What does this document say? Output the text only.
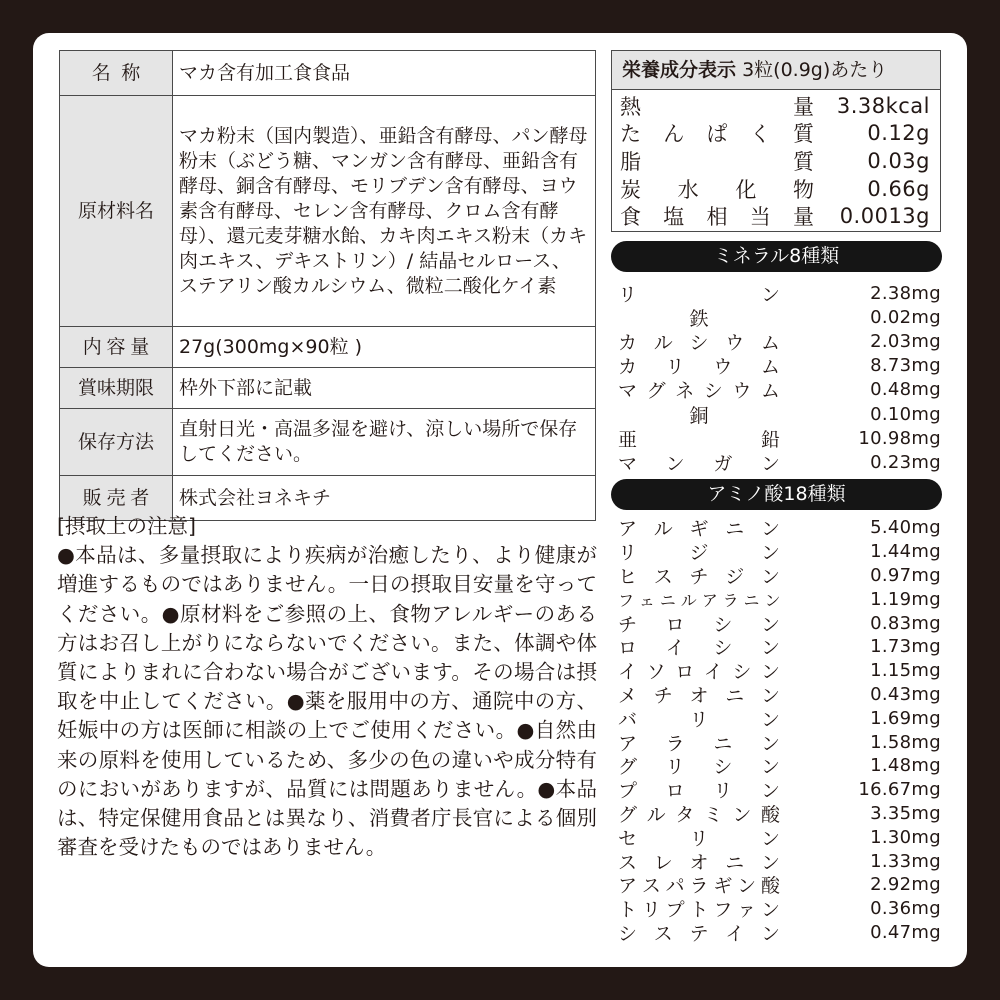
名称	マカ含有加工食食品
原材料名	マカ粉末（国内製造）、亜鉛含有酵母、パン酵母粉末（ぶどう糖、マンガン含有酵母、亜鉛含有酵母、銅含有酵母、モリブデン含有酵母、ヨウ素含有酵母、セレン含有酵母、クロム含有酵母）、還元麦芽糖水飴、カキ肉エキス粉末（カキ肉エキス、デキストリン）/ 結晶セルロース、ステアリン酸カルシウム、微粒二酸化ケイ素
内容量	27g(300mg×90粒 )
賞味期限	枠外下部に記載
保存方法	直射日光・高温多湿を避け、涼しい場所で保存してください。
販売者	株式会社ヨネキチ
[摂取上の注意]
●本品は、多量摂取により疾病が治癒したり、より健康が増進するものではありません。一日の摂取目安量を守ってください。●原材料をご参照の上、食物アレルギーのある方はお召し上がりにならないでください。また、体調や体質によりまれに合わない場合がございます。その場合は摂取を中止してください。●薬を服用中の方、通院中の方、妊娠中の方は医師に相談の上でご使用ください。●自然由来の原料を使用しているため、多少の色の違いや成分特有のにおいがありますが、品質には問題ありません。●本品は、特定保健用食品とは異なり、消費者庁長官による個別審査を受けたものではありません。
栄養成分表示 3粒(0.9g)あたり
熱	量 3.38kcal
た ん ぱ く 質	0.12g
脂	質	0.03g
炭 水 化 物	0.66g
食 塩 相 当 量 0.0013g
ミネラル8種類
リ	ン	2.38mg
鉄	0.02mg
カ ル シ ウ ム	2.03mg
カ リ ウ ム	8.73mg
マ グ ネ シ ウ ム	0.48mg
銅	0.10mg
亜	鉛	10.98mg
マ ン ガ ン	0.23mg
アミノ酸18種類
ア ル ギ ニ ン	5.40mg
リ	ジ	ン	1.44mg
ヒ ス チ ジ ン	0.97mg
フ ェ ニ ル ア ラ ニ ン	1.19mg
チ ロ シ ン	0.83mg
ロ イ シ ン	1.73mg
イ ソ ロ イ シ ン	1.15mg
メ チ オ ニ ン	0.43mg
バ	リ	ン	1.69mg
ア ラ ニ ン	1.58mg
グ リ シ ン	1.48mg
プ ロ リ ン	16.67mg
グ ル タ ミ ン 酸	3.35mg
セ	リ	ン	1.30mg
ス レ オ ニ ン	1.33mg
ア ス パ ラ ギ ン 酸	2.92mg
ト リ プ ト フ ァ ン	0.36mg
シ ス テ イ ン	0.47mg
